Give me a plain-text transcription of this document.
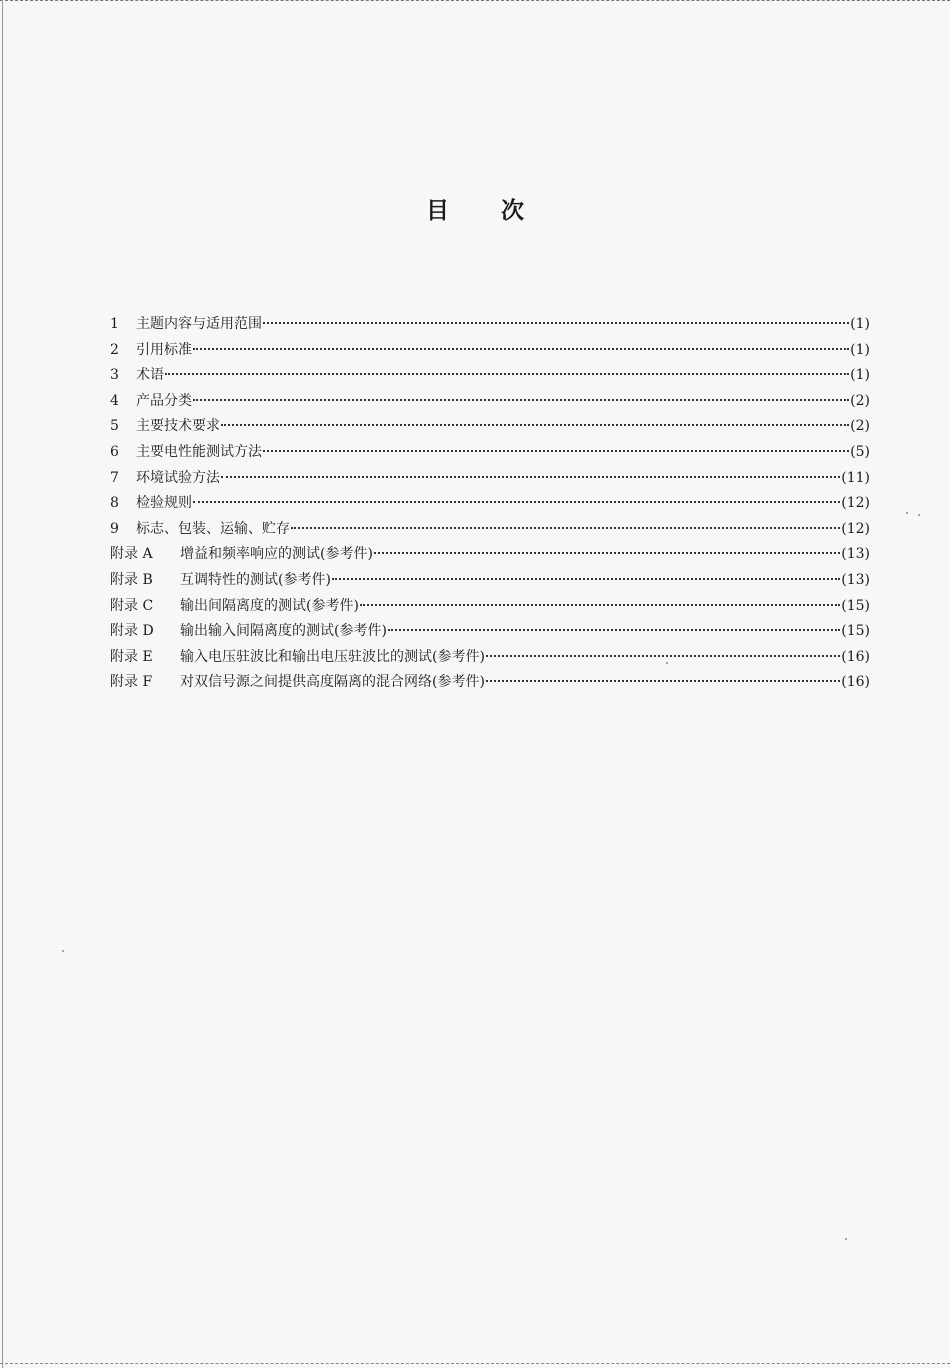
目 次
1	主题内容与适用范围	(1)
2	引用标准	(1)
3	术语	(1)
4	产品分类	(2)
5	主要技术要求	(2)
6	主要电性能测试方法	(5)
7	环境试验方法	(11)
8	检验规则	(12)
9	标志、包装、运输、贮存	(12)
附录 A	增益和频率响应的测试(参考件)	(13)
附录 B	互调特性的测试(参考件)	(13)
附录 C	输出间隔离度的测试(参考件)	(15)
附录 D	输出输入间隔离度的测试(参考件)	(15)
附录 E	输入电压驻波比和输出电压驻波比的测试(参考件)	(16)
附录 F	对双信号源之间提供高度隔离的混合网络(参考件)	(16)
